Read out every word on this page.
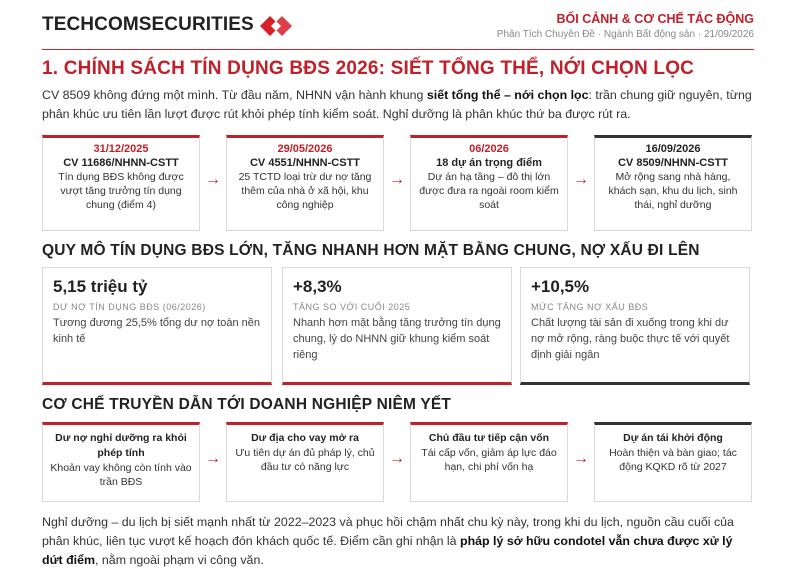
TECHCOMSECURITIES	BỐI CẢNH & CƠ CHẾ TÁC ĐỘNG
Phân Tích Chuyên Đề · Ngành Bất động sản · 21/09/2026
1. CHÍNH SÁCH TÍN DỤNG BĐS 2026: SIẾT TỔNG THỂ, NỚI CHỌN LỌC

CV 8509 không đứng một mình. Từ đầu năm, NHNN vận hành khung siết tổng thể – nới chọn lọc: trần chung giữ nguyên, từng phân khúc ưu tiên lần lượt được rút khỏi phép tính kiểm soát. Nghỉ dưỡng là phân khúc thứ ba được rút ra.

31/12/2025
CV 11686/NHNN-CSTT
Tín dụng BĐS không được vượt tăng trưởng tín dụng chung (điểm 4)
→
29/05/2026
CV 4551/NHNN-CSTT
25 TCTD loại trừ dư nợ tăng thêm của nhà ở xã hội, khu công nghiệp
→
06/2026
18 dự án trọng điểm
Dự án hạ tầng – đô thị lớn được đưa ra ngoài room kiểm soát
→
16/09/2026
CV 8509/NHNN-CSTT
Mở rộng sang nhà hàng, khách sạn, khu du lịch, sinh thái, nghỉ dưỡng
QUY MÔ TÍN DỤNG BĐS LỚN, TĂNG NHANH HƠN MẶT BẰNG CHUNG, NỢ XẤU ĐI LÊN
5,15 triệu tỷ
DƯ NỢ TÍN DỤNG BĐS (06/2026)
Tương đương 25,5% tổng dư nợ toàn nền kinh tế
+8,3%
TĂNG SO VỚI CUỐI 2025
Nhanh hơn mặt bằng tăng trưởng tín dụng chung, lý do NHNN giữ khung kiểm soát riêng
+10,5%
MỨC TĂNG NỢ XẤU BĐS
Chất lượng tài sản đi xuống trong khi dư nợ mở rộng, ràng buộc thực tế với quyết định giải ngân
CƠ CHẾ TRUYỀN DẪN TỚI DOANH NGHIỆP NIÊM YẾT
Dư nợ nghỉ dưỡng ra khỏi phép tính
Khoản vay không còn tính vào trần BĐS
→
Dư địa cho vay mở ra
Ưu tiên dự án đủ pháp lý, chủ đầu tư có năng lực	→
Chủ đầu tư tiếp cận vốn
Tái cấp vốn, giảm áp lực đáo hạn, chi phí vốn hạ	→
Dự án tái khởi động
Hoàn thiện và bàn giao; tác động KQKD rõ từ 2027

Nghỉ dưỡng – du lịch bị siết mạnh nhất từ 2022–2023 và phục hồi chậm nhất chu kỳ này, trong khi du lịch, nguồn cầu cuối của phân khúc, liên tục vượt kế hoạch đón khách quốc tế. Điểm cần ghi nhận là pháp lý sở hữu condotel vẫn chưa được xử lý dứt điểm, nằm ngoài phạm vi công văn.
